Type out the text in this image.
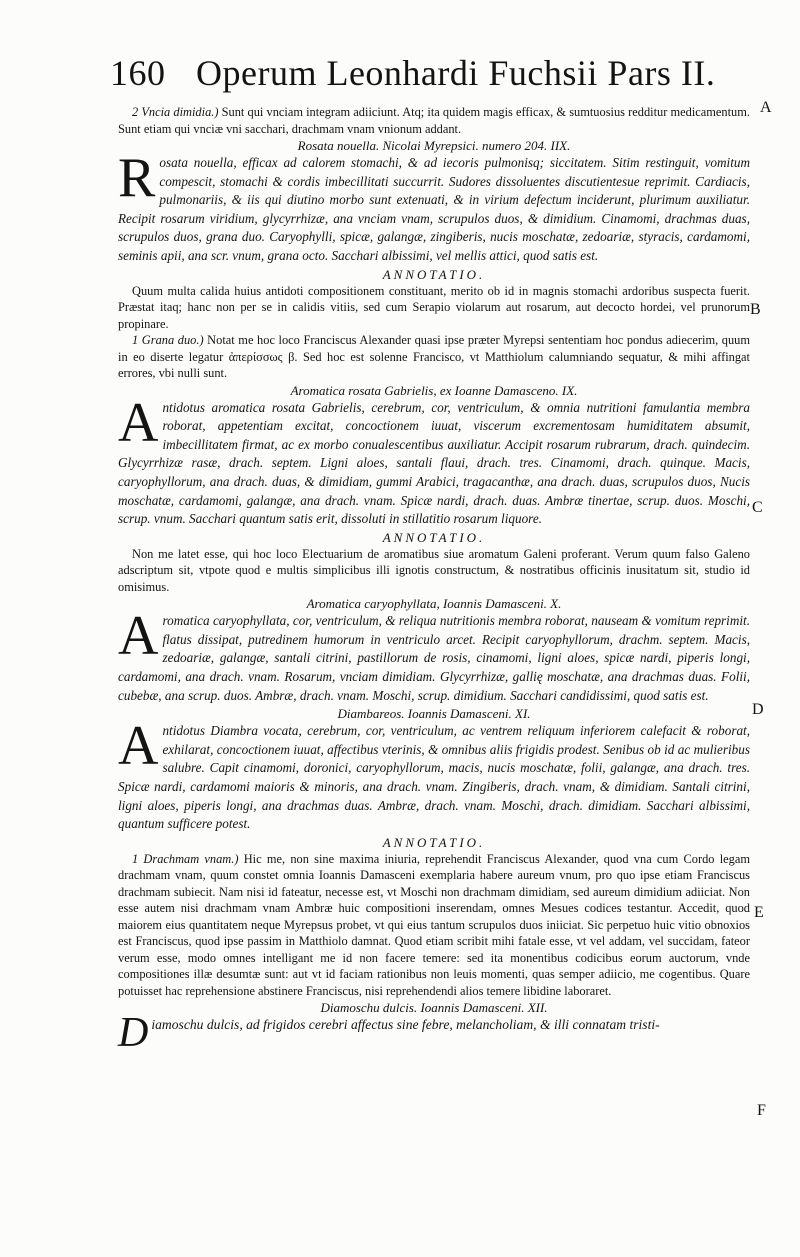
160 Operum Leonhardi Fuchsii Pars II.
A
B
C
D
E
F

2 Vncia dimidia.) Sunt qui vnciam integram adiiciunt. Atq; ita quidem magis efficax, & sumtuosius redditur medicamentum. Sunt etiam qui vnciæ vni sacchari, drachmam vnam vnionum addant.

Rosata nouella. Nicolai Myrepsici. numero 204. IIX.

Rosata nouella, efficax ad calorem stomachi, & ad iecoris pulmonisq; siccitatem. Sitim restinguit, vomitum compescit, stomachi & cordis imbecillitati succurrit. Sudores dissoluentes discutientesue reprimit. Cardiacis, pulmonariis, & iis qui diutino morbo sunt extenuati, & in virium defectum inciderunt, plurimum auxiliatur. Recipit rosarum viridium, glycyrrhizæ, ana vnciam vnam, scrupulos duos, & dimidium. Cinamomi, drachmas duas, scrupulos duos, grana duo. Caryophylli, spicæ, galangæ, zingiberis, nucis moschatæ, zedoariæ, styracis, cardamomi, seminis apii, ana scr. vnum, grana octo. Sacchari albissimi, vel mellis attici, quod satis est.

ANNOTATIO.

Quum multa calida huius antidoti compositionem constituant, merito ob id in magnis stomachi ardoribus suspecta fuerit. Præstat itaq; hanc non per se in calidis vitiis, sed cum Serapio violarum aut rosarum, aut decocto hordei, vel prunorum propinare.

1 Grana duo.) Notat me hoc loco Franciscus Alexander quasi ipse præter Myrepsi sententiam hoc pondus adiecerim, quum in eo diserte legatur ἀπερίσσως β. Sed hoc est solenne Francisco, vt Matthiolum calumniando sequatur, & mihi affingat errores, vbi nulli sunt.

Aromatica rosata Gabrielis, ex Ioanne Damasceno. IX.

Antidotus aromatica rosata Gabrielis, cerebrum, cor, ventriculum, & omnia nutritioni famulantia membra roborat, appetentiam excitat, concoctionem iuuat, viscerum excrementosam humiditatem absumit, imbecillitatem firmat, ac ex morbo conualescentibus auxiliatur. Accipit rosarum rubrarum, drach. quindecim. Glycyrrhizæ rasæ, drach. septem. Ligni aloes, santali flaui, drach. tres. Cinamomi, drach. quinque. Macis, caryophyllorum, ana drach. duas, & dimidiam, gummi Arabici, tragacanthæ, ana drach. duas, scrupulos duos, Nucis moschatæ, cardamomi, galangæ, ana drach. vnam. Spicæ nardi, drach. duas. Ambræ tinertae, scrup. duos. Moschi, scrup. vnum. Sacchari quantum satis erit, dissoluti in stillatitio rosarum liquore.

ANNOTATIO.

Non me latet esse, qui hoc loco Electuarium de aromatibus siue aromatum Galeni proferant. Verum quum falso Galeno adscriptum sit, vtpote quod e multis simplicibus illi ignotis constructum, & nostratibus officinis inusitatum sit, studio id omisimus.

Aromatica caryophyllata, Ioannis Damasceni. X.

Aromatica caryophyllata, cor, ventriculum, & reliqua nutritionis membra roborat, nauseam & vomitum reprimit. flatus dissipat, putredinem humorum in ventriculo arcet. Recipit caryophyllorum, drachm. septem. Macis, zedoariæ, galangæ, santali citrini, pastillorum de rosis, cinamomi, ligni aloes, spicæ nardi, piperis longi, cardamomi, ana drach. vnam. Rosarum, vnciam dimidiam. Glycyrrhizæ, gallię moschatæ, ana drachmas duas. Folii, cubebæ, ana scrup. duos. Ambræ, drach. vnam. Moschi, scrup. dimidium. Sacchari candidissimi, quod satis est.

Diambareos. Ioannis Damasceni. XI.

Antidotus Diambra vocata, cerebrum, cor, ventriculum, ac ventrem reliquum inferiorem calefacit & roborat, exhilarat, concoctionem iuuat, affectibus vterinis, & omnibus aliis frigidis prodest. Senibus ob id ac mulieribus salubre. Capit cinamomi, doronici, caryophyllorum, macis, nucis moschatæ, folii, galangæ, ana drach. tres. Spicæ nardi, cardamomi maioris & minoris, ana drach. vnam. Zingiberis, drach. vnam, & dimidiam. Santali citrini, ligni aloes, piperis longi, ana drachmas duas. Ambræ, drach. vnam. Moschi, drach. dimidiam. Sacchari albissimi, quantum sufficere potest.

ANNOTATIO.

1 Drachmam vnam.) Hic me, non sine maxima iniuria, reprehendit Franciscus Alexander, quod vna cum Cordo legam drachmam vnam, quum constet omnia Ioannis Damasceni exemplaria habere aureum vnum, pro quo ipse etiam Franciscus drachmam subiecit. Nam nisi id fateatur, necesse est, vt Moschi non drachmam dimidiam, sed aureum dimidium adiiciat. Non esse autem nisi drachmam vnam Ambræ huic compositioni inserendam, omnes Mesues codices testantur. Accedit, quod maiorem eius quantitatem neque Myrepsus probet, vt qui eius tantum scrupulos duos iniiciat. Sic perpetuo huic vitio obnoxios est Franciscus, quod ipse passim in Matthiolo damnat. Quod etiam scribit mihi fatale esse, vt vel addam, vel succidam, fateor verum esse, modo omnes intelligant me id non facere temere: sed ita monentibus codicibus eorum auctorum, vnde compositiones illæ desumtæ sunt: aut vt id faciam rationibus non leuis momenti, quas semper adiicio, me cogentibus. Quare potuisset hac reprehensione abstinere Franciscus, nisi reprehendendi alios temere libidine laboraret.

Diamoschu dulcis. Ioannis Damasceni. XII.

Diamoschu dulcis, ad frigidos cerebri affectus sine febre, melancholiam, & illi connatam tristi-
